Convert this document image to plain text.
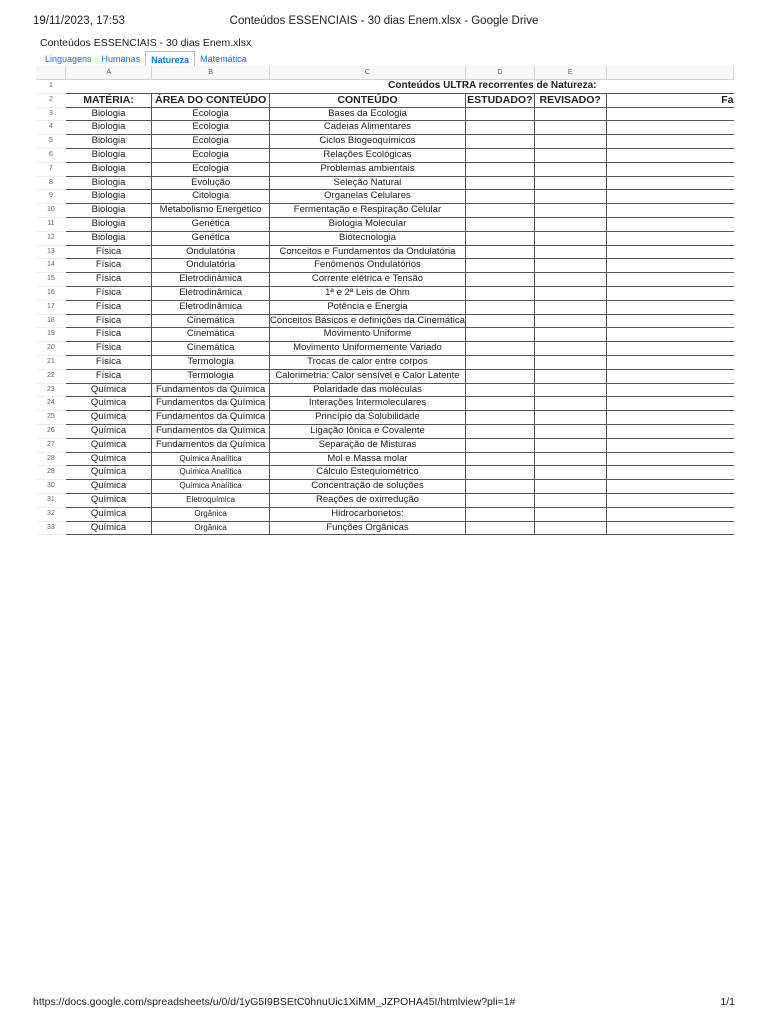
19/11/2023, 17:53	Conteúdos ESSENCIAIS - 30 dias Enem.xlsx - Google Drive
Conteúdos ESSENCIAIS - 30 dias Enem.xlsx
Linguagens	Humanas	Natureza	Matemática
	A	B	C	D	E	
1	Conteúdos ULTRA recorrentes de Natureza:					
2	MATÉRIA:	ÁREA DO CONTEÚDO	CONTEÚDO	ESTUDADO?	REVISADO?	Fa
3	Biologia	Ecologia	Bases da Ecologia			
4	Biologia	Ecologia	Cadeias Alimentares			
5	Biologia	Ecologia	Ciclos Biogeoquímicos			
6	Biologia	Ecologia	Relações Ecológicas			
7	Biologia	Ecologia	Problemas ambientais			
8	Biologia	Evolução	Seleção Natural			
9	Biologia	Citologia	Organelas Celulares			
10	Biologia	Metabolismo Energético	Fermentação e Respiração Celular			
11	Biologia	Genética	Biologia Molecular			
12	Biologia	Genética	Biotecnologia			
13	Física	Ondulatória	Conceitos e Fundamentos da Ondulatória			
14	Física	Ondulatória	Fenômenos Ondulatórios			
15	Física	Eletrodinâmica	Corrente elétrica e Tensão			
16	Física	Eletrodinâmica	1ª e 2ª Leis de Ohm			
17	Física	Eletrodinâmica	Potência e Energia			
18	Física	Cinemática	Conceitos Básicos e definições da Cinemática			
19	Física	Cinemática	Movimento Uniforme			
20	Física	Cinemática	Movimento Uniformemente Variado			
21	Física	Termologia	Trocas de calor entre corpos			
22	Física	Termologia	Calorimetria: Calor sensível e Calor Latente			
23	Química	Fundamentos da Química	Polaridade das moléculas			
24	Química	Fundamentos da Química	Interações Intermoleculares			
25	Química	Fundamentos da Química	Princípio da Solubilidade			
26	Química	Fundamentos da Química	Ligação Iônica e Covalente			
27	Química	Fundamentos da Química	Separação de Misturas			
28	Química	Química Analítica	Mol e Massa molar			
29	Química	Química Analítica	Cálculo Estequiométrico			
30	Química	Química Analítica	Concentração de soluções			
31	Química	Eletroquímica	Reações de oxirredução			
32	Química	Orgânica	Hidrocarbonetos:			
33	Química	Orgânica	Funções Orgânicas			
https://docs.google.com/spreadsheets/u/0/d/1yG5I9BSEtC0hnuUic1XiMM_JZPOHA45I/htmlview?pli=1#	1/1
